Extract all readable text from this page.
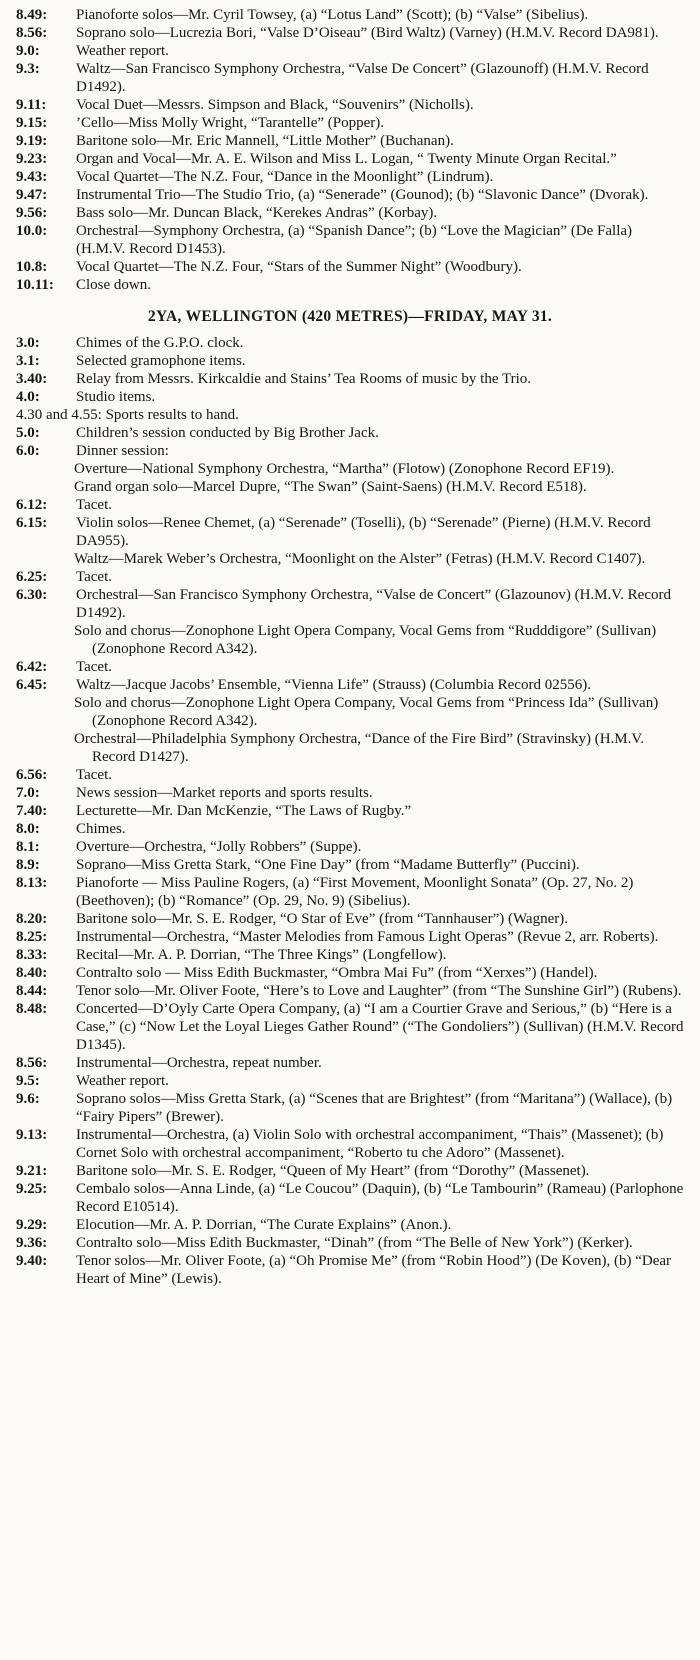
8.49:	Pianoforte solos—Mr. Cyril Towsey, (a) “Lotus Land” (Scott); (b) “Valse” (Sibelius).
8.56:	Soprano solo—Lucrezia Bori, “Valse D’Oiseau” (Bird Waltz) (Varney) (H.M.V. Record DA981).
9.0:	Weather report.
9.3:	Waltz—San Francisco Symphony Orchestra, “Valse De Concert” (Glazounoff) (H.M.V. Record D1492).
9.11:	Vocal Duet—Messrs. Simpson and Black, “Souvenirs” (Nicholls).
9.15:	’Cello—Miss Molly Wright, “Tarantelle” (Popper).
9.19:	Baritone solo—Mr. Eric Mannell, “Little Mother” (Buchanan).
9.23:	Organ and Vocal—Mr. A. E. Wilson and Miss L. Logan, “ Twenty Minute Organ Recital.”
9.43:	Vocal Quartet—The N.Z. Four, “Dance in the Moonlight” (Lindrum).
9.47:	Instrumental Trio—The Studio Trio, (a) “Senerade” (Gounod); (b) “Slavonic Dance” (Dvorak).
9.56:	Bass solo—Mr. Duncan Black, “Kerekes Andras” (Korbay).
10.0:	Orchestral—Symphony Orchestra, (a) “Spanish Dance”; (b) “Love the Magician” (De Falla) (H.M.V. Record D1453).
10.8:	Vocal Quartet—The N.Z. Four, “Stars of the Summer Night” (Woodbury).
10.11:	Close down.
2YA, WELLINGTON (420 METRES)—FRIDAY, MAY 31.
3.0:	Chimes of the G.P.O. clock.
3.1:	Selected gramophone items.
3.40:	Relay from Messrs. Kirkcaldie and Stains’ Tea Rooms of music by the Trio.
4.0:	Studio items.

4.30 and 4.55: Sports results to hand.

5.0:	Children’s session conducted by Big Brother Jack.
6.0:	Dinner session:
Overture—National Symphony Orchestra, “Martha” (Flotow) (Zonophone Record EF19).
Grand organ solo—Marcel Dupre, “The Swan” (Saint-Saens) (H.M.V. Record E518).
6.12:	Tacet.
6.15:	Violin solos—Renee Chemet, (a) “Serenade” (Toselli), (b) “Serenade” (Pierne) (H.M.V. Record DA955).
Waltz—Marek Weber’s Orchestra, “Moonlight on the Alster” (Fetras) (H.M.V. Record C1407).
6.25:	Tacet.
6.30:	Orchestral—San Francisco Symphony Orchestra, “Valse de Concert” (Glazounov) (H.M.V. Record D1492).
Solo and chorus—Zonophone Light Opera Company, Vocal Gems from “Rudddigore” (Sullivan) (Zonophone Record A342).
6.42:	Tacet.
6.45:	Waltz—Jacque Jacobs’ Ensemble, “Vienna Life” (Strauss) (Columbia Record 02556).
Solo and chorus—Zonophone Light Opera Company, Vocal Gems from “Princess Ida” (Sullivan) (Zonophone Record A342).
Orchestral—Philadelphia Symphony Orchestra, “Dance of the Fire Bird” (Stravinsky) (H.M.V. Record D1427).
6.56:	Tacet.
7.0:	News session—Market reports and sports results.
7.40:	Lecturette—Mr. Dan McKenzie, “The Laws of Rugby.”
8.0:	Chimes.
8.1:	Overture—Orchestra, “Jolly Robbers” (Suppe).
8.9:	Soprano—Miss Gretta Stark, “One Fine Day” (from “Madame Butterfly” (Puccini).
8.13:	Pianoforte — Miss Pauline Rogers, (a) “First Movement, Moonlight Sonata” (Op. 27, No. 2) (Beethoven); (b) “Romance” (Op. 29, No. 9) (Sibelius).
8.20:	Baritone solo—Mr. S. E. Rodger, “O Star of Eve” (from “Tannhauser”) (Wagner).
8.25:	Instrumental—Orchestra, “Master Melodies from Famous Light Operas” (Revue 2, arr. Roberts).
8.33:	Recital—Mr. A. P. Dorrian, “The Three Kings” (Longfellow).
8.40:	Contralto solo — Miss Edith Buckmaster, “Ombra Mai Fu” (from “Xerxes”) (Handel).
8.44:	Tenor solo—Mr. Oliver Foote, “Here’s to Love and Laughter” (from “The Sunshine Girl”) (Rubens).
8.48:	Concerted—D’Oyly Carte Opera Company, (a) “I am a Courtier Grave and Serious,” (b) “Here is a Case,” (c) “Now Let the Loyal Lieges Gather Round” (“The Gondoliers”) (Sullivan) (H.M.V. Record D1345).
8.56:	Instrumental—Orchestra, repeat number.
9.5:	Weather report.
9.6:	Soprano solos—Miss Gretta Stark, (a) “Scenes that are Brightest” (from “Maritana”) (Wallace), (b) “Fairy Pipers” (Brewer).
9.13:	Instrumental—Orchestra, (a) Violin Solo with orchestral accompaniment, “Thais” (Massenet); (b) Cornet Solo with orchestral accompaniment, “Roberto tu che Adoro” (Massenet).
9.21:	Baritone solo—Mr. S. E. Rodger, “Queen of My Heart” (from “Dorothy” (Massenet).
9.25:	Cembalo solos—Anna Linde, (a) “Le Coucou” (Daquin), (b) “Le Tambourin” (Rameau) (Parlophone Record E10514).
9.29:	Elocution—Mr. A. P. Dorrian, “The Curate Explains” (Anon.).
9.36:	Contralto solo—Miss Edith Buckmaster, “Dinah” (from “The Belle of New York”) (Kerker).
9.40:	Tenor solos—Mr. Oliver Foote, (a) “Oh Promise Me” (from “Robin Hood”) (De Koven), (b) “Dear Heart of Mine” (Lewis).
